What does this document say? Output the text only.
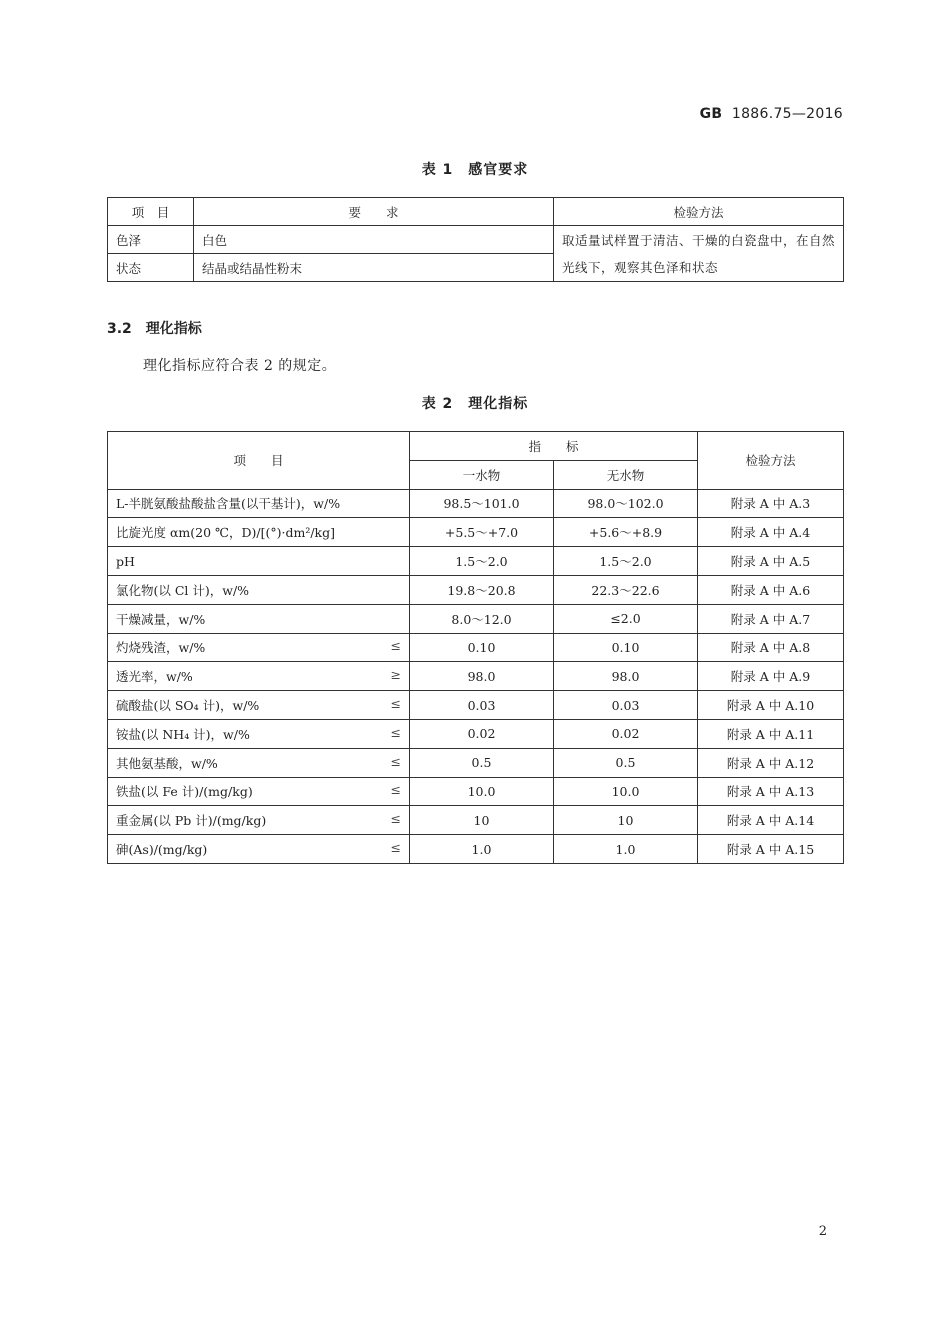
GB 1886.75—2016
表 1　感官要求
项　目	要　　求	检验方法
色泽	白色	取适量试样置于清洁、干燥的白瓷盘中，在自然光线下，观察其色泽和状态
状态	结晶或结晶性粉末	
3.2　理化指标
理化指标应符合表 2 的规定。
表 2　理化指标
项　　目	指　　标		检验方法
	一水物	无水物	
L-半胱氨酸盐酸盐含量(以干基计)，w/%	98.5～101.0	98.0～102.0	附录 A 中 A.3
比旋光度 αm(20 ℃，D)/[(°)·dm²/kg]	+5.5～+7.0	+5.6～+8.9	附录 A 中 A.4
pH	1.5～2.0	1.5～2.0	附录 A 中 A.5
氯化物(以 Cl 计)，w/%	19.8～20.8	22.3～22.6	附录 A 中 A.6
干燥减量，w/%	8.0～12.0	≤2.0	附录 A 中 A.7
灼烧残渣，w/% ≤	0.10	0.10	附录 A 中 A.8
透光率，w/% ≥	98.0	98.0	附录 A 中 A.9
硫酸盐(以 SO₄ 计)，w/% ≤	0.03	0.03	附录 A 中 A.10
铵盐(以 NH₄ 计)，w/% ≤	0.02	0.02	附录 A 中 A.11
其他氨基酸，w/% ≤	0.5	0.5	附录 A 中 A.12
铁盐(以 Fe 计)/(mg/kg) ≤	10.0	10.0	附录 A 中 A.13
重金属(以 Pb 计)/(mg/kg) ≤	10	10	附录 A 中 A.14
砷(As)/(mg/kg) ≤	1.0	1.0	附录 A 中 A.15
2
